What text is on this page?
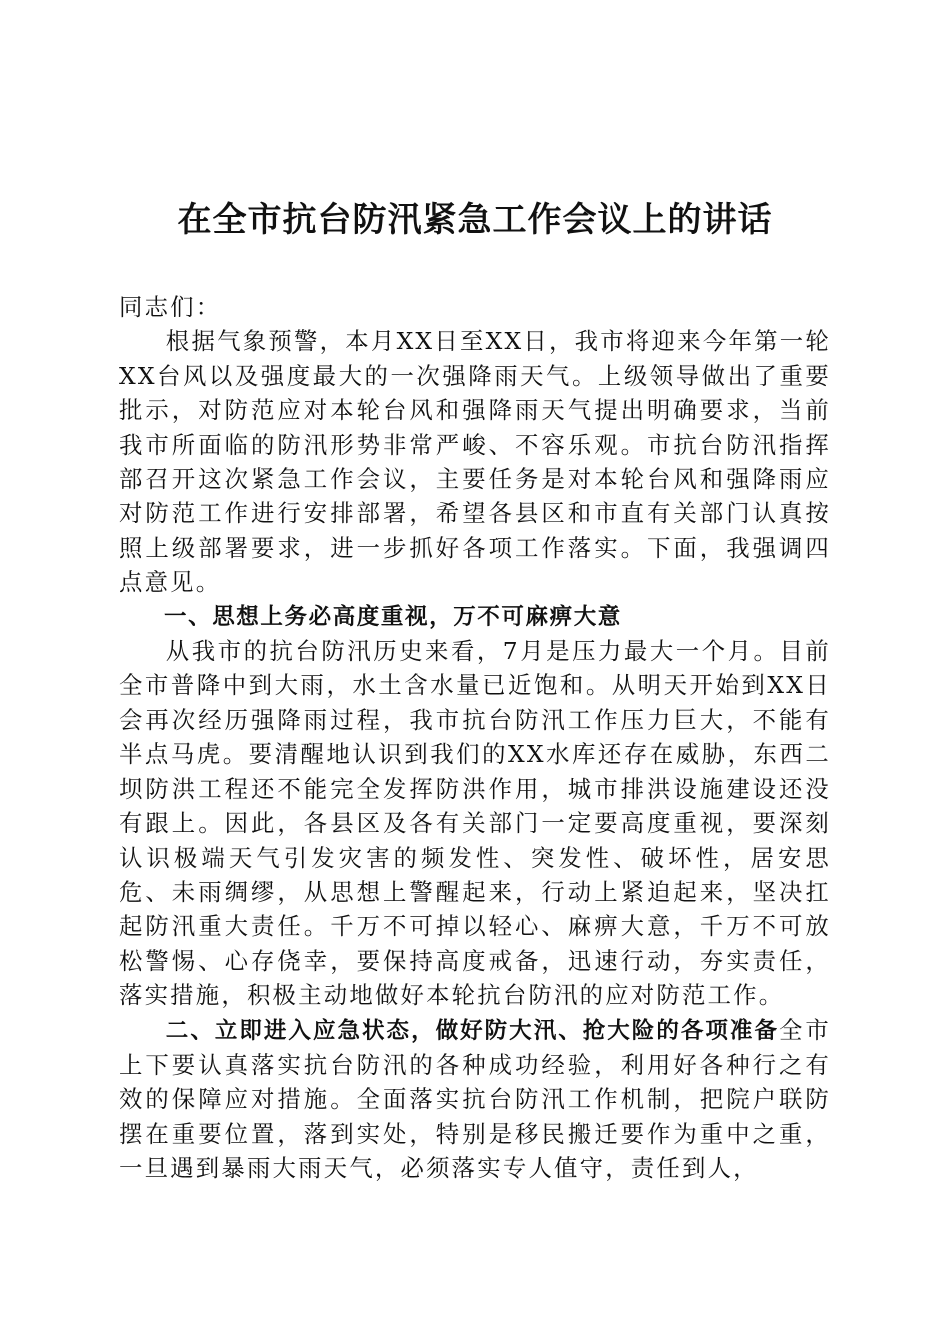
在全市抗台防汛紧急工作会议上的讲话

同志们：

根据气象预警，本月XX日至XX日，我市将迎来今年第一轮XX台风以及强度最大的一次强降雨天气。上级领导做出了重要批示，对防范应对本轮台风和强降雨天气提出明确要求，当前我市所面临的防汛形势非常严峻、不容乐观。市抗台防汛指挥部召开这次紧急工作会议，主要任务是对本轮台风和强降雨应对防范工作进行安排部署，希望各县区和市直有关部门认真按照上级部署要求，进一步抓好各项工作落实。下面，我强调四点意见。

一、思想上务必高度重视，万不可麻痹大意

从我市的抗台防汛历史来看，7月是压力最大一个月。目前全市普降中到大雨，水土含水量已近饱和。从明天开始到XX日会再次经历强降雨过程，我市抗台防汛工作压力巨大，不能有半点马虎。要清醒地认识到我们的XX水库还存在威胁，东西二坝防洪工程还不能完全发挥防洪作用，城市排洪设施建设还没有跟上。因此，各县区及各有关部门一定要高度重视，要深刻认识极端天气引发灾害的频发性、突发性、破坏性，居安思危、未雨绸缪，从思想上警醒起来，行动上紧迫起来，坚决扛起防汛重大责任。千万不可掉以轻心、麻痹大意，千万不可放松警惕、心存侥幸，要保持高度戒备，迅速行动，夯实责任，落实措施，积极主动地做好本轮抗台防汛的应对防范工作。

二、立即进入应急状态，做好防大汛、抢大险的各项准备全市上下要认真落实抗台防汛的各种成功经验，利用好各种行之有效的保障应对措施。全面落实抗台防汛工作机制，把院户联防摆在重要位置，落到实处，特别是移民搬迁要作为重中之重，一旦遇到暴雨大雨天气，必须落实专人值守，责任到人，
